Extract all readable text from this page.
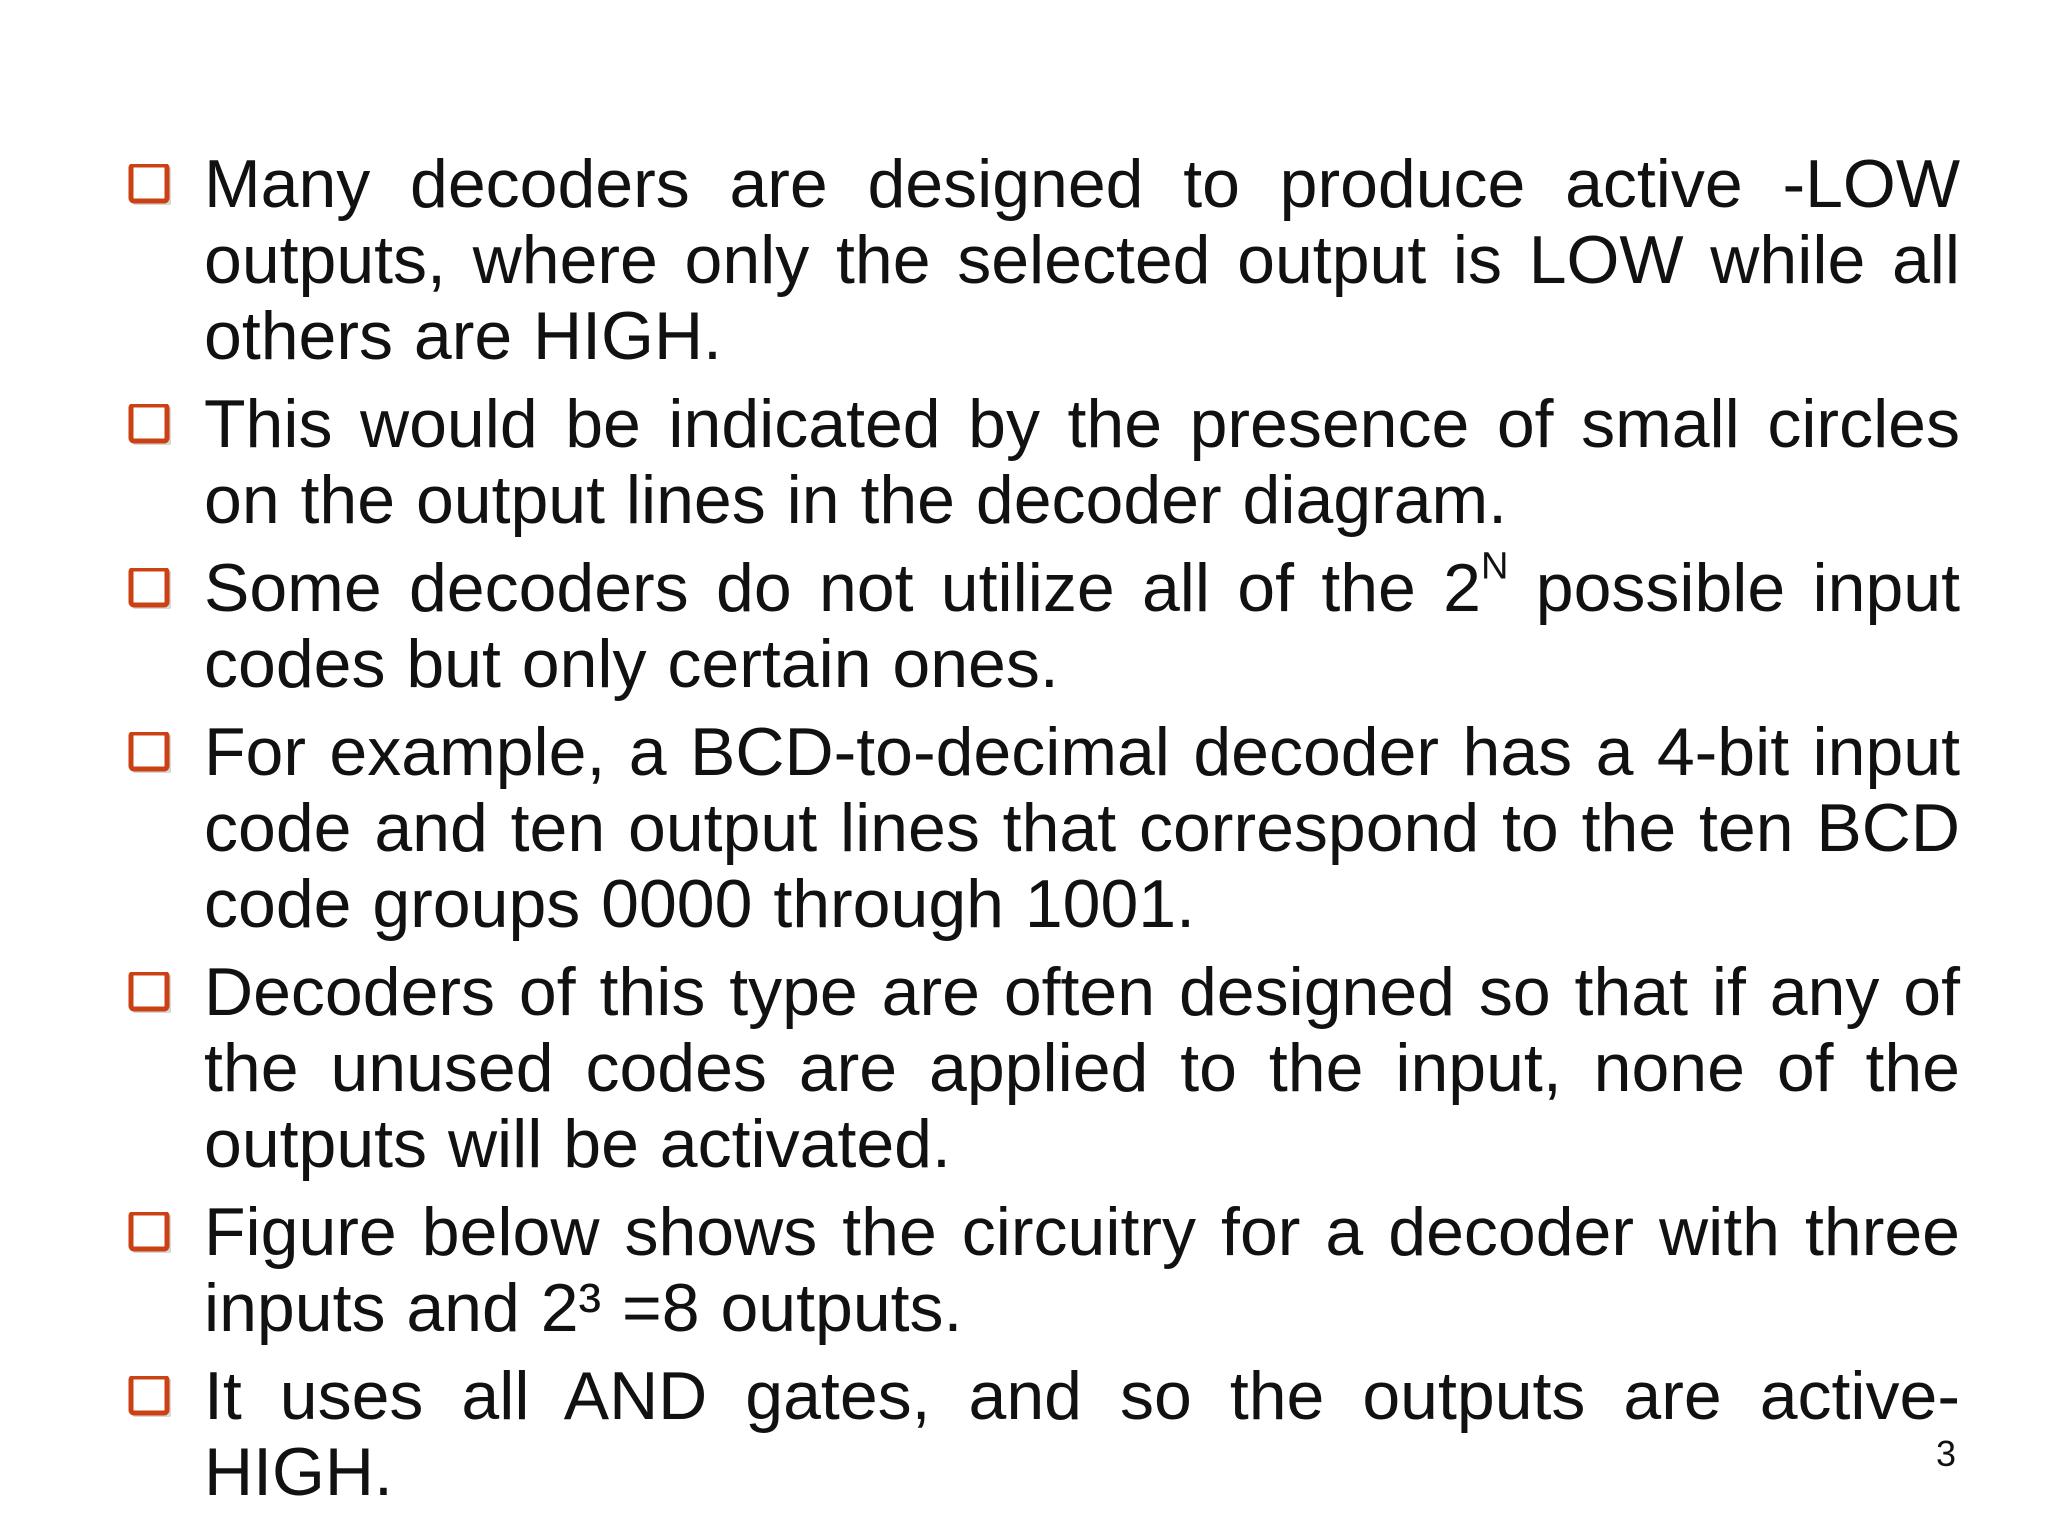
Many decoders are designed to produce active -LOW outputs, where only the selected output is LOW while all others are HIGH.
This would be indicated by the presence of small circles on the output lines in the decoder diagram.
Some decoders do not utilize all of the $2^N$ possible input codes but only certain ones.
For example, a BCD-to-decimal decoder has a 4-bit input code and ten output lines that correspond to the ten BCD code groups 0000 through 1001.
Decoders of this type are often designed so that if any of the unused codes are applied to the input, none of the outputs will be activated.
Figure below shows the circuitry for a decoder with three inputs and 2³ =8 outputs.
It uses all AND gates, and so the outputs are active-HIGH.	3
